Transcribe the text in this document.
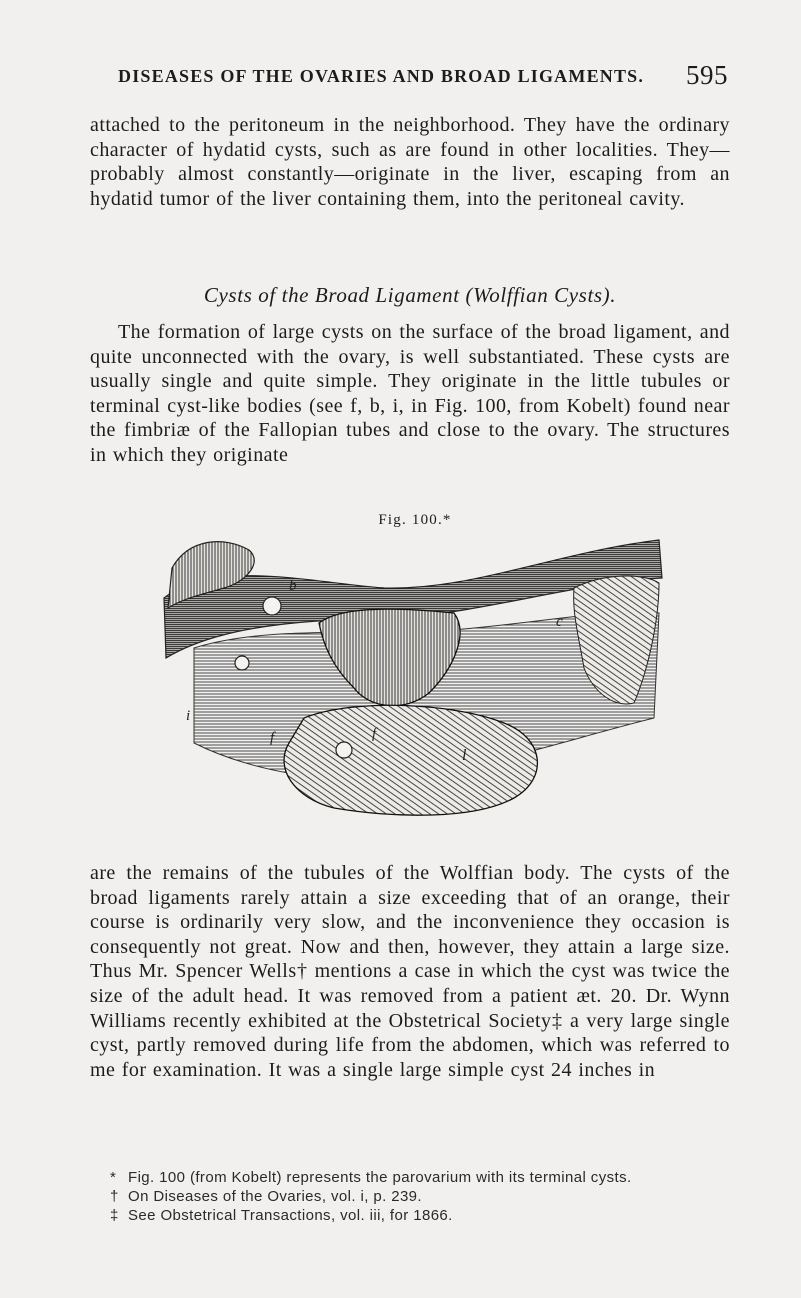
DISEASES OF THE OVARIES AND BROAD LIGAMENTS. 595
attached to the peritoneum in the neighborhood. They have the ordinary character of hydatid cysts, such as are found in other localities. They—probably almost constantly—originate in the liver, escaping from an hydatid tumor of the liver containing them, into the peritoneal cavity.
Cysts of the Broad Ligament (Wolffian Cysts).
The formation of large cysts on the surface of the broad ligament, and quite unconnected with the ovary, is well substantiated. These cysts are usually single and quite simple. They originate in the little tubules or terminal cyst-like bodies (see f, b, i, in Fig. 100, from Kobelt) found near the fimbriæ of the Fallopian tubes and close to the ovary. The structures in which they originate
Fig. 100.*
b
c
i
f	f
l
are the remains of the tubules of the Wolffian body. The cysts of the broad ligaments rarely attain a size exceeding that of an orange, their course is ordinarily very slow, and the inconvenience they occasion is consequently not great. Now and then, however, they attain a large size. Thus Mr. Spencer Wells† mentions a case in which the cyst was twice the size of the adult head. It was removed from a patient æt. 20. Dr. Wynn Williams recently exhibited at the Obstetrical Society‡ a very large single cyst, partly removed during life from the abdomen, which was referred to me for examination. It was a single large simple cyst 24 inches in
* Fig. 100 (from Kobelt) represents the parovarium with its terminal cysts.
† On Diseases of the Ovaries, vol. i, p. 239.
‡ See Obstetrical Transactions, vol. iii, for 1866.
